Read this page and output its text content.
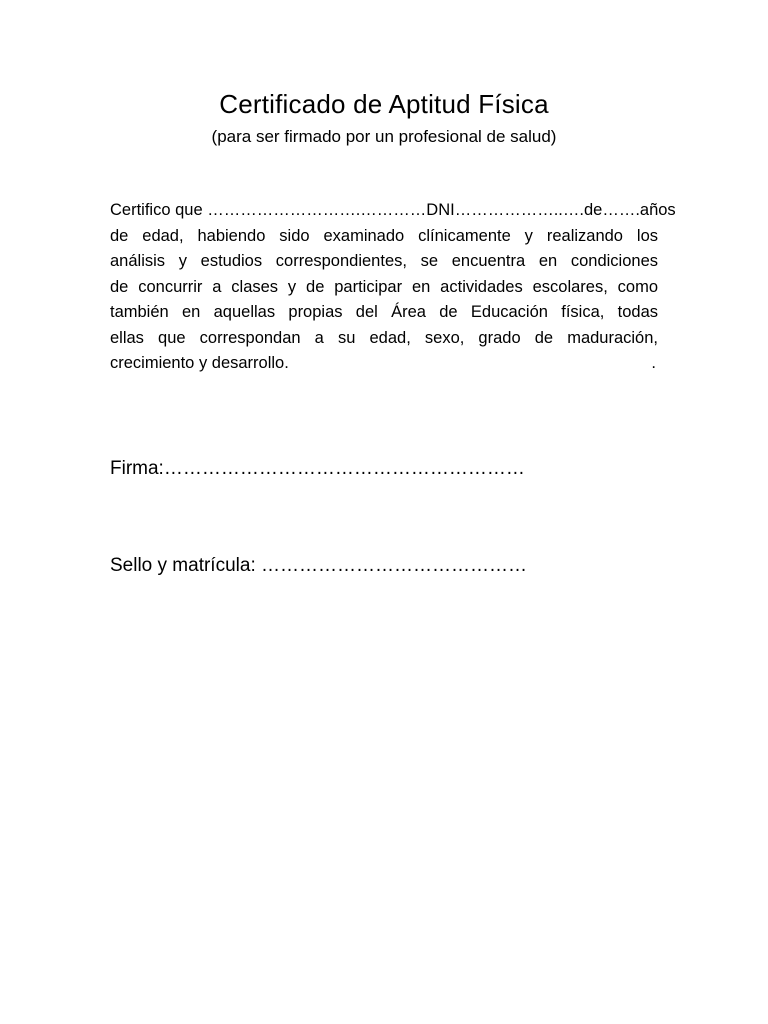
Certificado de Aptitud Física
(para ser firmado por un profesional de salud)
Certifico que ……………………….…………DNI………………..….de…….años
de edad, habiendo sido examinado clínicamente y realizando los
análisis y estudios correspondientes, se encuentra en condiciones
de concurrir a clases y de participar en actividades escolares, como
también en aquellas propias del Área de Educación física, todas
ellas que correspondan a su edad, sexo, grado de maduración,
crecimiento y desarrollo.	.
Firma:…………………………………………………
Sello y matrícula: ……………………………………
